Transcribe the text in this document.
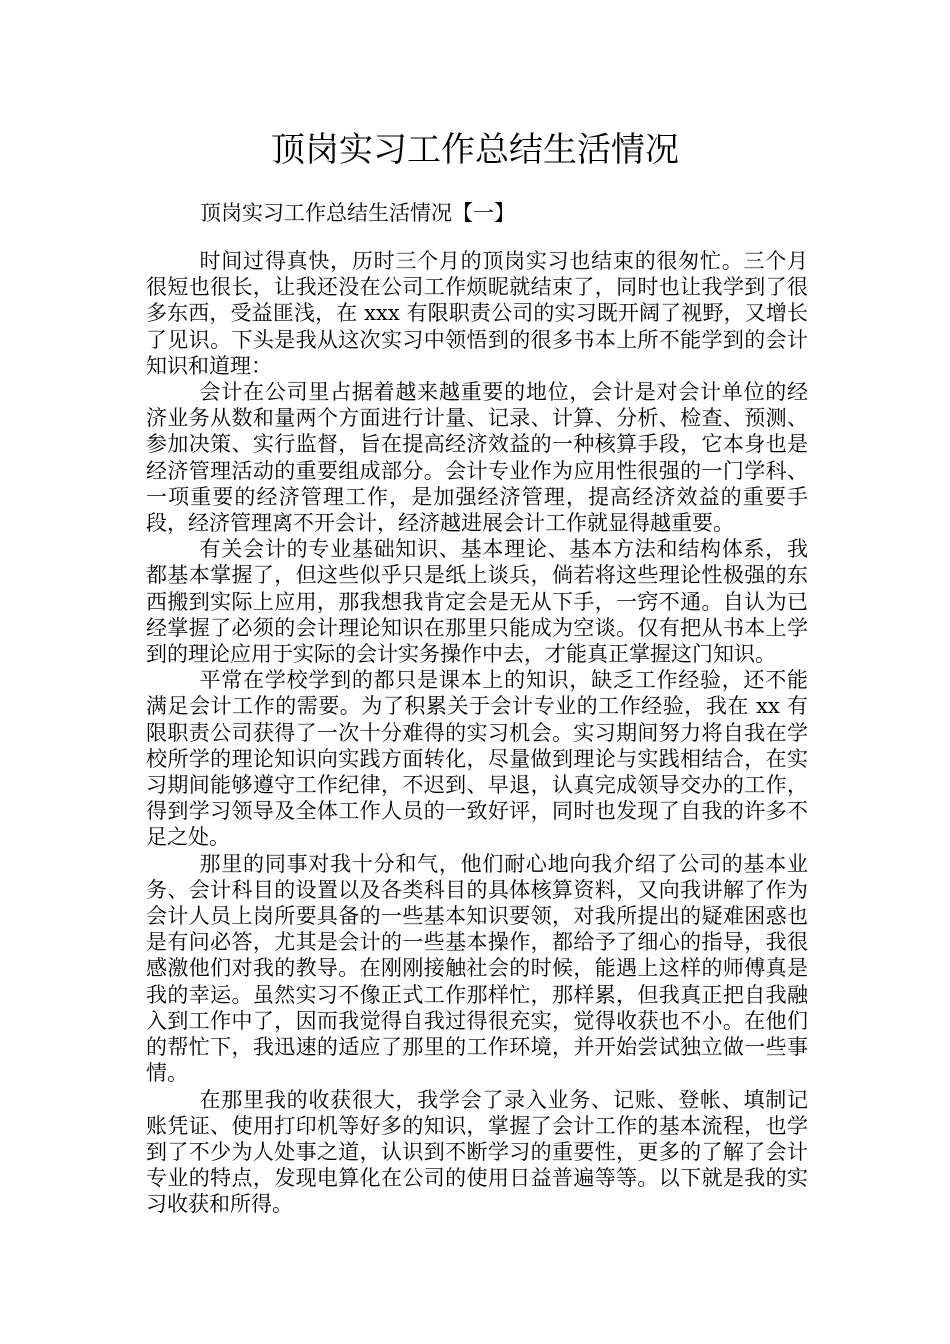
顶岗实习工作总结生活情况
顶岗实习工作总结生活情况【一】

时间过得真快，历时三个月的顶岗实习也结束的很匆忙。三个月很短也很长，让我还没在公司工作烦昵就结束了，同时也让我学到了很多东西，受益匪浅，在 xxx 有限职责公司的实习既开阔了视野，又增长了见识。下头是我从这次实习中领悟到的很多书本上所不能学到的会计知识和道理：

会计在公司里占据着越来越重要的地位，会计是对会计单位的经济业务从数和量两个方面进行计量、记录、计算、分析、检查、预测、参加决策、实行监督，旨在提高经济效益的一种核算手段，它本身也是经济管理活动的重要组成部分。会计专业作为应用性很强的一门学科、一项重要的经济管理工作，是加强经济管理，提高经济效益的重要手段，经济管理离不开会计，经济越进展会计工作就显得越重要。

有关会计的专业基础知识、基本理论、基本方法和结构体系，我都基本掌握了，但这些似乎只是纸上谈兵，倘若将这些理论性极强的东西搬到实际上应用，那我想我肯定会是无从下手，一窍不通。自认为已经掌握了必须的会计理论知识在那里只能成为空谈。仅有把从书本上学到的理论应用于实际的会计实务操作中去，才能真正掌握这门知识。

平常在学校学到的都只是课本上的知识，缺乏工作经验，还不能满足会计工作的需要。为了积累关于会计专业的工作经验，我在 xx 有限职责公司获得了一次十分难得的实习机会。实习期间努力将自我在学校所学的理论知识向实践方面转化，尽量做到理论与实践相结合，在实习期间能够遵守工作纪律，不迟到、早退，认真完成领导交办的工作，得到学习领导及全体工作人员的一致好评，同时也发现了自我的许多不足之处。

那里的同事对我十分和气，他们耐心地向我介绍了公司的基本业务、会计科目的设置以及各类科目的具体核算资料，又向我讲解了作为会计人员上岗所要具备的一些基本知识要领，对我所提出的疑难困惑也是有问必答，尤其是会计的一些基本操作，都给予了细心的指导，我很感激他们对我的教导。在刚刚接触社会的时候，能遇上这样的师傅真是我的幸运。虽然实习不像正式工作那样忙，那样累，但我真正把自我融入到工作中了，因而我觉得自我过得很充实，觉得收获也不小。在他们的帮忙下，我迅速的适应了那里的工作环境，并开始尝试独立做一些事情。

在那里我的收获很大，我学会了录入业务、记账、登帐、填制记账凭证、使用打印机等好多的知识，掌握了会计工作的基本流程，也学到了不少为人处事之道，认识到不断学习的重要性，更多的了解了会计专业的特点，发现电算化在公司的使用日益普遍等等。以下就是我的实习收获和所得。
